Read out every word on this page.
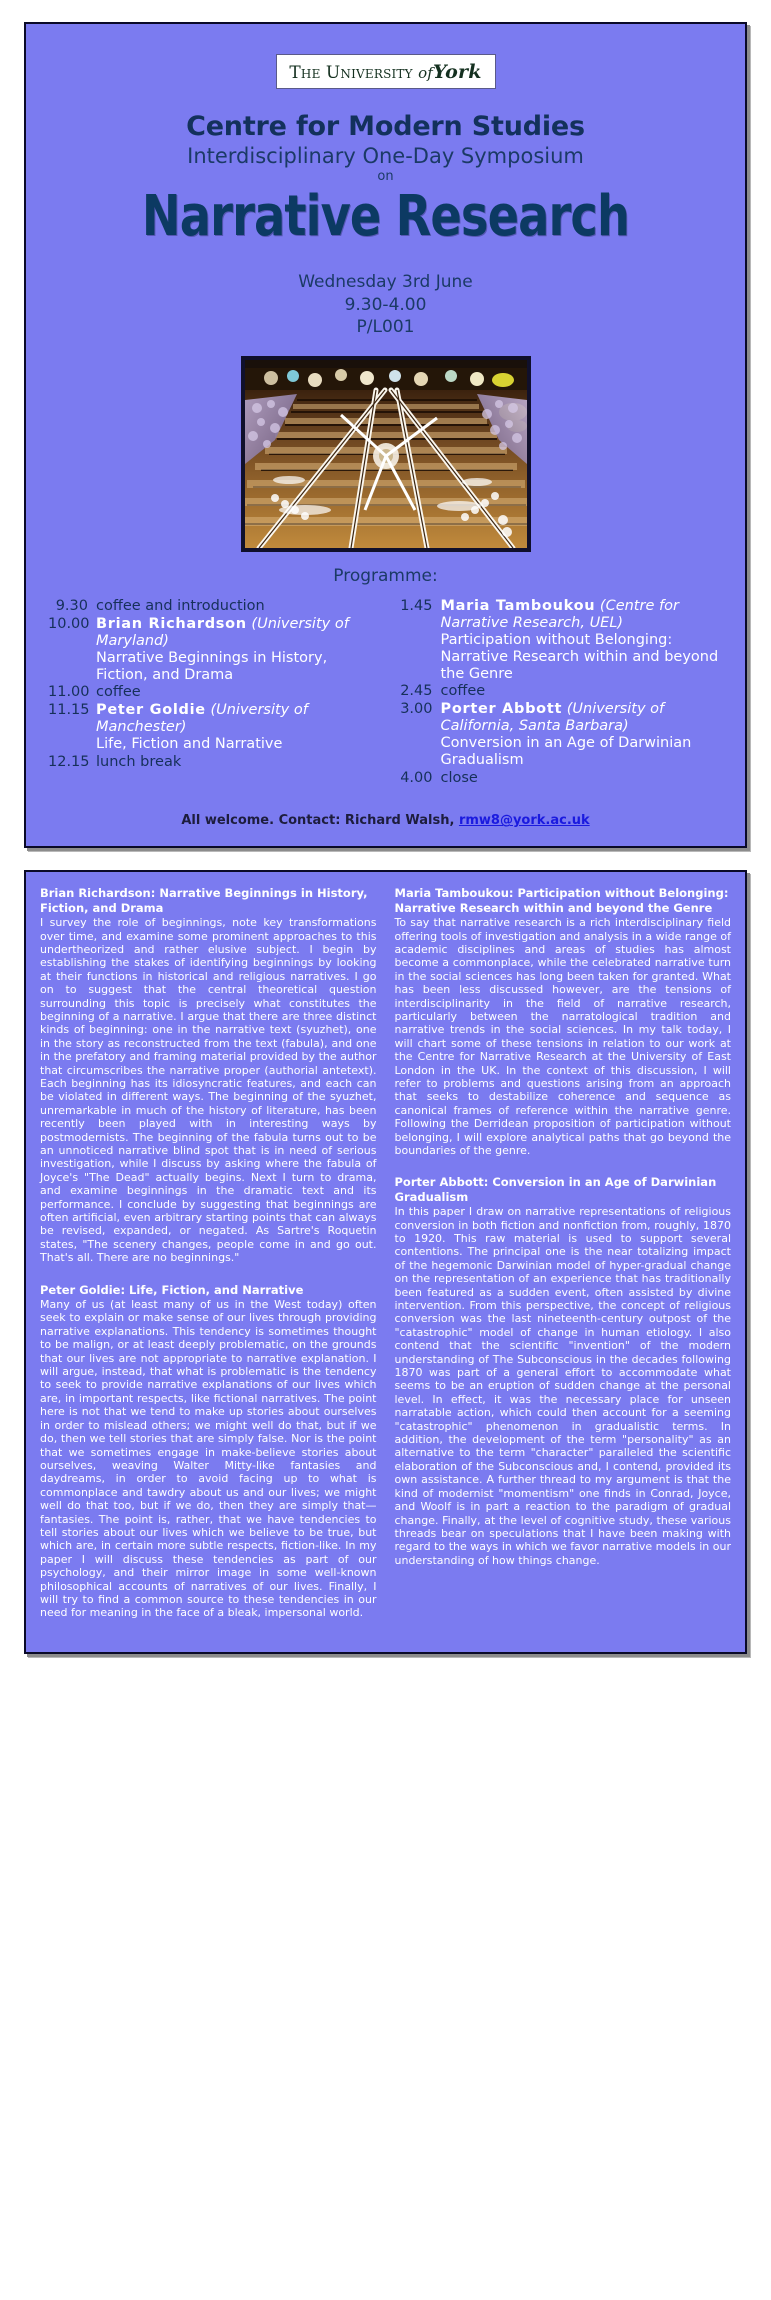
The University ofYork
Centre for Modern Studies
Interdisciplinary One-Day Symposium
on
Narrative Research
Wednesday 3rd June
9.30-4.00
P/L001
Programme:
9.30 coffee and introduction
10.00 Brian Richardson (University of Maryland)
Narrative Beginnings in History, Fiction, and Drama
11.00 coffee
11.15 Peter Goldie (University of Manchester)
Life, Fiction and Narrative
12.15 lunch break
1.45 Maria Tamboukou (Centre for Narrative Research, UEL)
Participation without Belonging: Narrative Research within and beyond the Genre
2.45 coffee
3.00 Porter Abbott (University of California, Santa Barbara)
Conversion in an Age of Darwinian Gradualism
4.00 close
All welcome. Contact: Richard Walsh, rmw8@york.ac.uk
Brian Richardson: Narrative Beginnings in History, Fiction, and Drama

I survey the role of beginnings, note key transformations over time, and examine some prominent approaches to this undertheorized and rather elusive subject. I begin by establishing the stakes of identifying beginnings by looking at their functions in historical and religious narratives. I go on to suggest that the central theoretical question surrounding this topic is precisely what constitutes the beginning of a narrative. I argue that there are three distinct kinds of beginning: one in the narrative text (syuzhet), one in the story as reconstructed from the text (fabula), and one in the prefatory and framing material provided by the author that circumscribes the narrative proper (authorial antetext). Each beginning has its idiosyncratic features, and each can be violated in different ways. The beginning of the syuzhet, unremarkable in much of the history of literature, has been recently been played with in interesting ways by postmodernists. The beginning of the fabula turns out to be an unnoticed narrative blind spot that is in need of serious investigation, while I discuss by asking where the fabula of Joyce's "The Dead" actually begins. Next I turn to drama, and examine beginnings in the dramatic text and its performance. I conclude by suggesting that beginnings are often artificial, even arbitrary starting points that can always be revised, expanded, or negated. As Sartre's Roquetin states, "The scenery changes, people come in and go out. That's all. There are no beginnings."

Peter Goldie: Life, Fiction, and Narrative

Many of us (at least many of us in the West today) often seek to explain or make sense of our lives through providing narrative explanations. This tendency is sometimes thought to be malign, or at least deeply problematic, on the grounds that our lives are not appropriate to narrative explanation. I will argue, instead, that what is problematic is the tendency to seek to provide narrative explanations of our lives which are, in important respects, like fictional narratives. The point here is not that we tend to make up stories about ourselves in order to mislead others; we might well do that, but if we do, then we tell stories that are simply false. Nor is the point that we sometimes engage in make-believe stories about ourselves, weaving Walter Mitty-like fantasies and daydreams, in order to avoid facing up to what is commonplace and tawdry about us and our lives; we might well do that too, but if we do, then they are simply that—fantasies. The point is, rather, that we have tendencies to tell stories about our lives which we believe to be true, but which are, in certain more subtle respects, fiction-like. In my paper I will discuss these tendencies as part of our psychology, and their mirror image in some well-known philosophical accounts of narratives of our lives. Finally, I will try to find a common source to these tendencies in our need for meaning in the face of a bleak, impersonal world.

Maria Tamboukou: Participation without Belonging: Narrative Research within and beyond the Genre

To say that narrative research is a rich interdisciplinary field offering tools of investigation and analysis in a wide range of academic disciplines and areas of studies has almost become a commonplace, while the celebrated narrative turn in the social sciences has long been taken for granted. What has been less discussed however, are the tensions of interdisciplinarity in the field of narrative research, particularly between the narratological tradition and narrative trends in the social sciences. In my talk today, I will chart some of these tensions in relation to our work at the Centre for Narrative Research at the University of East London in the UK. In the context of this discussion, I will refer to problems and questions arising from an approach that seeks to destabilize coherence and sequence as canonical frames of reference within the narrative genre. Following the Derridean proposition of participation without belonging, I will explore analytical paths that go beyond the boundaries of the genre.

Porter Abbott: Conversion in an Age of Darwinian Gradualism

In this paper I draw on narrative representations of religious conversion in both fiction and nonfiction from, roughly, 1870 to 1920. This raw material is used to support several contentions. The principal one is the near totalizing impact of the hegemonic Darwinian model of hyper-gradual change on the representation of an experience that has traditionally been featured as a sudden event, often assisted by divine intervention. From this perspective, the concept of religious conversion was the last nineteenth-century outpost of the "catastrophic" model of change in human etiology. I also contend that the scientific "invention" of the modern understanding of The Subconscious in the decades following 1870 was part of a general effort to accommodate what seems to be an eruption of sudden change at the personal level. In effect, it was the necessary place for unseen narratable action, which could then account for a seeming "catastrophic" phenomenon in gradualistic terms. In addition, the development of the term "personality" as an alternative to the term "character" paralleled the scientific elaboration of the Subconscious and, I contend, provided its own assistance. A further thread to my argument is that the kind of modernist "momentism" one finds in Conrad, Joyce, and Woolf is in part a reaction to the paradigm of gradual change. Finally, at the level of cognitive study, these various threads bear on speculations that I have been making with regard to the ways in which we favor narrative models in our understanding of how things change.
